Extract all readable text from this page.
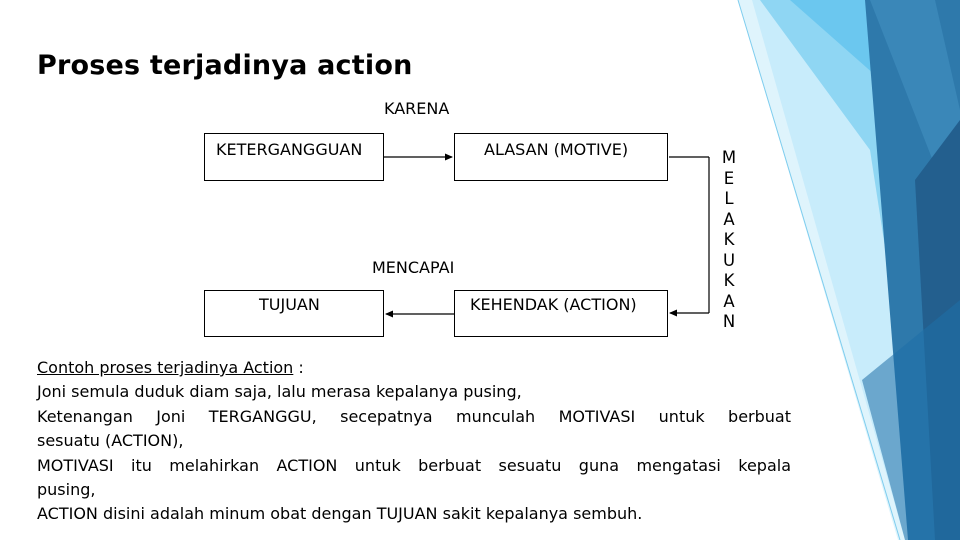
Proses terjadinya action
KETERGANGGUAN	ALASAN (MOTIVE)
TUJUAN	KEHENDAK (ACTION)
KARENA
MENCAPAI
M
E
L
A
K
U
K
A
N
Contoh proses terjadinya Action :
Joni semula duduk diam saja, lalu merasa kepalanya pusing,
Ketenangan Joni TERGANGGU, secepatnya munculah MOTIVASI untuk berbuat
sesuatu (ACTION),
MOTIVASI itu melahirkan ACTION untuk berbuat sesuatu guna mengatasi kepala
pusing,
ACTION disini adalah minum obat dengan TUJUAN sakit kepalanya sembuh.
